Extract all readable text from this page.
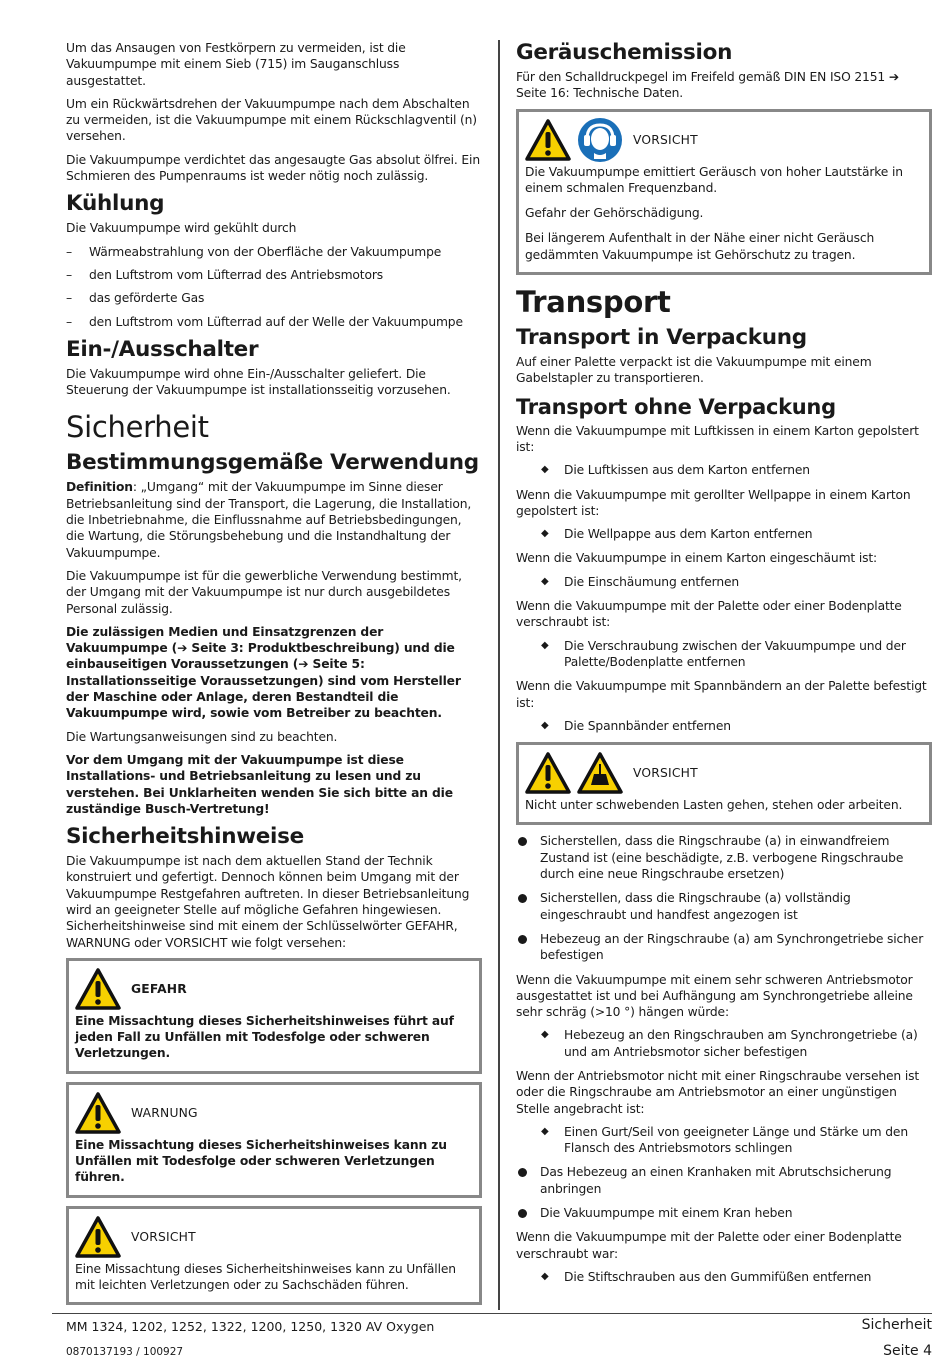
Um das Ansaugen von Festkörpern zu vermeiden, ist die Vakuumpumpe mit einem Sieb (715) im Sauganschluss ausgestattet.

Um ein Rückwärtsdrehen der Vakuumpumpe nach dem Abschalten zu vermeiden, ist die Vakuumpumpe mit einem Rückschlagventil (n) versehen.

Die Vakuumpumpe verdichtet das angesaugte Gas absolut ölfrei. Ein Schmieren des Pumpenraums ist weder nötig noch zulässig.

Kühlung

Die Vakuumpumpe wird gekühlt durch

– Wärmeabstrahlung von der Oberfläche der Vakuumpumpe
– den Luftstrom vom Lüfterrad des Antriebsmotors
– das geförderte Gas
– den Luftstrom vom Lüfterrad auf der Welle der Vakuumpumpe
Ein-/Ausschalter

Die Vakuumpumpe wird ohne Ein-/Ausschalter geliefert. Die Steuerung der Vakuumpumpe ist installationsseitig vorzusehen.

Sicherheit
Bestimmungsgemäße Verwendung

Definition: „Umgang“ mit der Vakuumpumpe im Sinne dieser Betriebsanleitung sind der Transport, die Lagerung, die Installation, die Inbetriebnahme, die Einflussnahme auf Betriebsbedingungen, die Wartung, die Störungsbehebung und die Instandhaltung der Vakuumpumpe.

Die Vakuumpumpe ist für die gewerbliche Verwendung bestimmt, der Umgang mit der Vakuumpumpe ist nur durch ausgebildetes Personal zulässig.

Die zulässigen Medien und Einsatzgrenzen der Vakuumpumpe (➔ Seite 3: Produktbeschreibung) und die einbauseitigen Voraussetzungen (➔ Seite 5: Installationsseitige Voraussetzungen) sind vom Hersteller der Maschine oder Anlage, deren Bestandteil die Vakuumpumpe wird, sowie vom Betreiber zu beachten.

Die Wartungsanweisungen sind zu beachten.

Vor dem Umgang mit der Vakuumpumpe ist diese Installations- und Betriebsanleitung zu lesen und zu verstehen. Bei Unklarheiten wenden Sie sich bitte an die zuständige Busch-Vertretung!

Sicherheitshinweise

Die Vakuumpumpe ist nach dem aktuellen Stand der Technik konstruiert und gefertigt. Dennoch können beim Umgang mit der Vakuumpumpe Restgefahren auftreten. In dieser Betriebsanleitung wird an geeigneter Stelle auf mögliche Gefahren hingewiesen. Sicherheitshinweise sind mit einem der Schlüsselwörter GEFAHR, WARNUNG oder VORSICHT wie folgt versehen:

GEFAHR

Eine Missachtung dieses Sicherheitshinweises führt auf jeden Fall zu Unfällen mit Todesfolge oder schweren Verletzungen.

WARNUNG

Eine Missachtung dieses Sicherheitshinweises kann zu Unfällen mit Todesfolge oder schweren Verletzungen führen.

VORSICHT

Eine Missachtung dieses Sicherheitshinweises kann zu Unfällen mit leichten Verletzungen oder zu Sachschäden führen.

Geräuschemission

Für den Schalldruckpegel im Freifeld gemäß DIN EN ISO 2151 ➔ Seite 16: Technische Daten.

VORSICHT

Die Vakuumpumpe emittiert Geräusch von hoher Lautstärke in einem schmalen Frequenzband.

Gefahr der Gehörschädigung.

Bei längerem Aufenthalt in der Nähe einer nicht Geräusch gedämmten Vakuumpumpe ist Gehörschutz zu tragen.

Transport
Transport in Verpackung

Auf einer Palette verpackt ist die Vakuumpumpe mit einem Gabelstapler zu transportieren.

Transport ohne Verpackung

Wenn die Vakuumpumpe mit Luftkissen in einem Karton gepolstert ist:

◆ Die Luftkissen aus dem Karton entfernen

Wenn die Vakuumpumpe mit gerollter Wellpappe in einem Karton gepolstert ist:

◆ Die Wellpappe aus dem Karton entfernen

Wenn die Vakuumpumpe in einem Karton eingeschäumt ist:

◆ Die Einschäumung entfernen

Wenn die Vakuumpumpe mit der Palette oder einer Bodenplatte verschraubt ist:

◆ Die Verschraubung zwischen der Vakuumpumpe und der Palette/Bodenplatte entfernen

Wenn die Vakuumpumpe mit Spannbändern an der Palette befestigt ist:

◆ Die Spannbänder entfernen
VORSICHT

Nicht unter schwebenden Lasten gehen, stehen oder arbeiten.

Sicherstellen, dass die Ringschraube (a) in einwandfreiem Zustand ist (eine beschädigte, z.B. verbogene Ringschraube durch eine neue Ringschraube ersetzen)
Sicherstellen, dass die Ringschraube (a) vollständig eingeschraubt und handfest angezogen ist
Hebezeug an der Ringschraube (a) am Synchrongetriebe sicher befestigen

Wenn die Vakuumpumpe mit einem sehr schweren Antriebsmotor ausgestattet ist und bei Aufhängung am Synchrongetriebe alleine sehr schräg (>10 °) hängen würde:

◆ Hebezeug an den Ringschrauben am Synchrongetriebe (a) und am Antriebsmotor sicher befestigen

Wenn der Antriebsmotor nicht mit einer Ringschraube versehen ist oder die Ringschraube am Antriebsmotor an einer ungünstigen Stelle angebracht ist:

◆ Einen Gurt/Seil von geeigneter Länge und Stärke um den Flansch des Antriebsmotors schlingen
Das Hebezeug an einen Kranhaken mit Abrutschsicherung anbringen
Die Vakuumpumpe mit einem Kran heben

Wenn die Vakuumpumpe mit der Palette oder einer Bodenplatte verschraubt war:

◆ Die Stiftschrauben aus den Gummifüßen entfernen
MM 1324, 1202, 1252, 1322, 1200, 1250, 1320 AV Oxygen	Sicherheit
0870137193 / 100927	Seite 4
